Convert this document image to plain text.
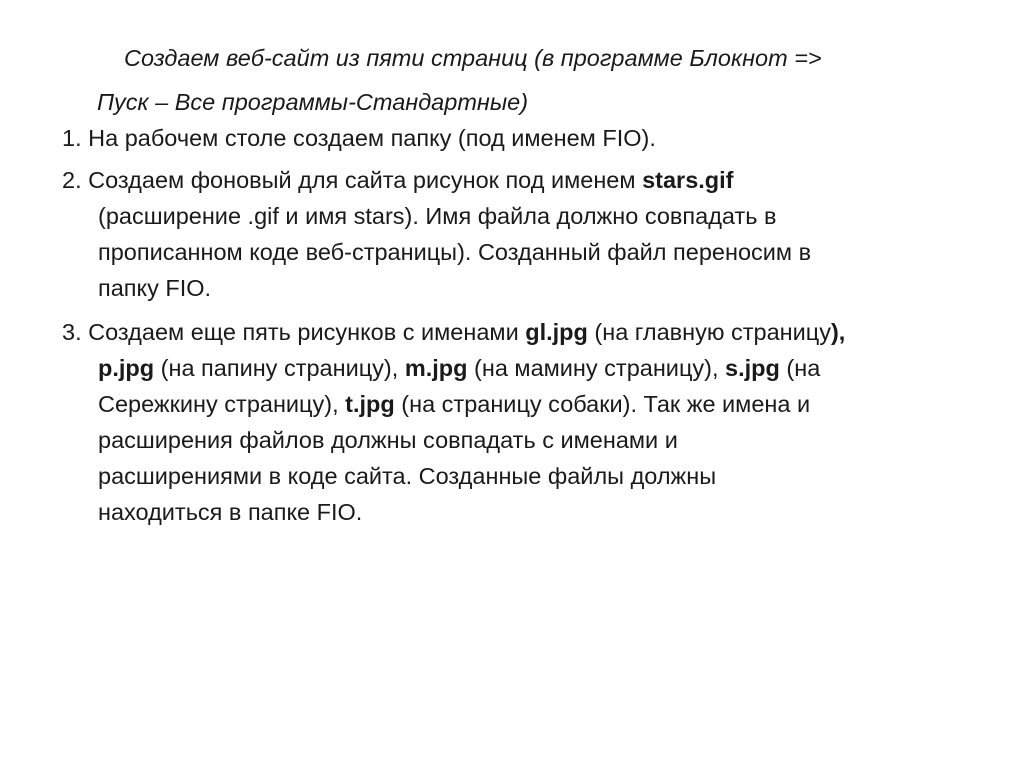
Создаем веб-сайт из пяти страниц (в программе Блокнот =>
Пуск – Все программы-Стандартные)
1. На рабочем столе создаем папку (под именем FIO).
2. Создаем фоновый для сайта рисунок под именем stars.gif
(расширение .gif и имя stars). Имя файла должно совпадать в
прописанном коде веб-страницы). Созданный файл переносим в
папку FIO.
3. Создаем еще пять рисунков с именами gl.jpg (на главную страницу),
p.jpg (на папину страницу), m.jpg (на мамину страницу), s.jpg (на
Сережкину страницу), t.jpg (на страницу собаки). Так же имена и
расширения файлов должны совпадать с именами и
расширениями в коде сайта. Созданные файлы должны
находиться в папке FIO.
